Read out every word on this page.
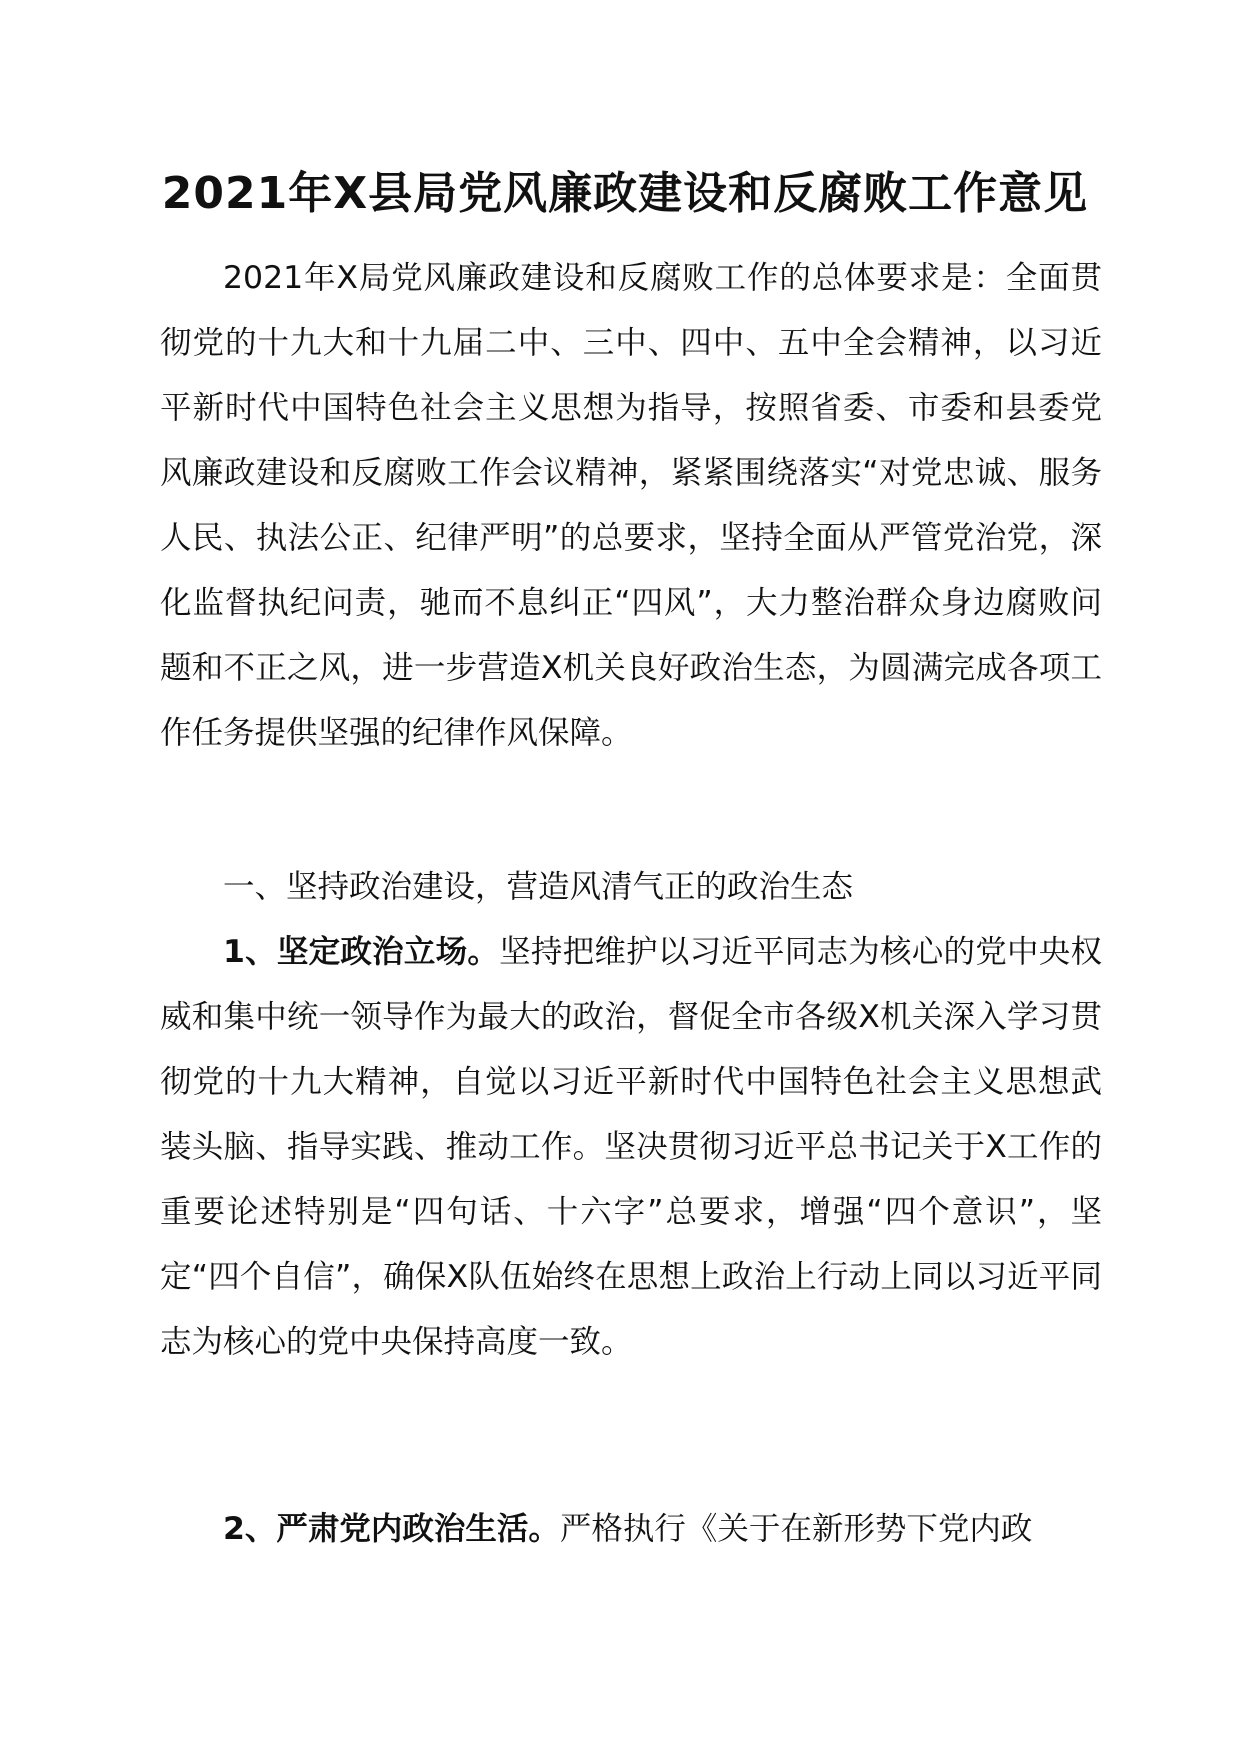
2021年X县局党风廉政建设和反腐败工作意见
2021年X局党风廉政建设和反腐败工作的总体要求是：全面贯彻党的十九大和十九届二中、三中、四中、五中全会精神，以习近平新时代中国特色社会主义思想为指导，按照省委、市委和县委党风廉政建设和反腐败工作会议精神，紧紧围绕落实“对党忠诚、服务人民、执法公正、纪律严明”的总要求，坚持全面从严管党治党，深化监督执纪问责，驰而不息纠正“四风”，大力整治群众身边腐败问题和不正之风，进一步营造X机关良好政治生态，为圆满完成各项工作任务提供坚强的纪律作风保障。
一、坚持政治建设，营造风清气正的政治生态
1、坚定政治立场。坚持把维护以习近平同志为核心的党中央权威和集中统一领导作为最大的政治，督促全市各级X机关深入学习贯彻党的十九大精神，自觉以习近平新时代中国特色社会主义思想武装头脑、指导实践、推动工作。坚决贯彻习近平总书记关于X工作的重要论述特别是“四句话、十六字”总要求，增强“四个意识”，坚定“四个自信”，确保X队伍始终在思想上政治上行动上同以习近平同志为核心的党中央保持高度一致。
2、严肃党内政治生活。严格执行《关于在新形势下党内政
